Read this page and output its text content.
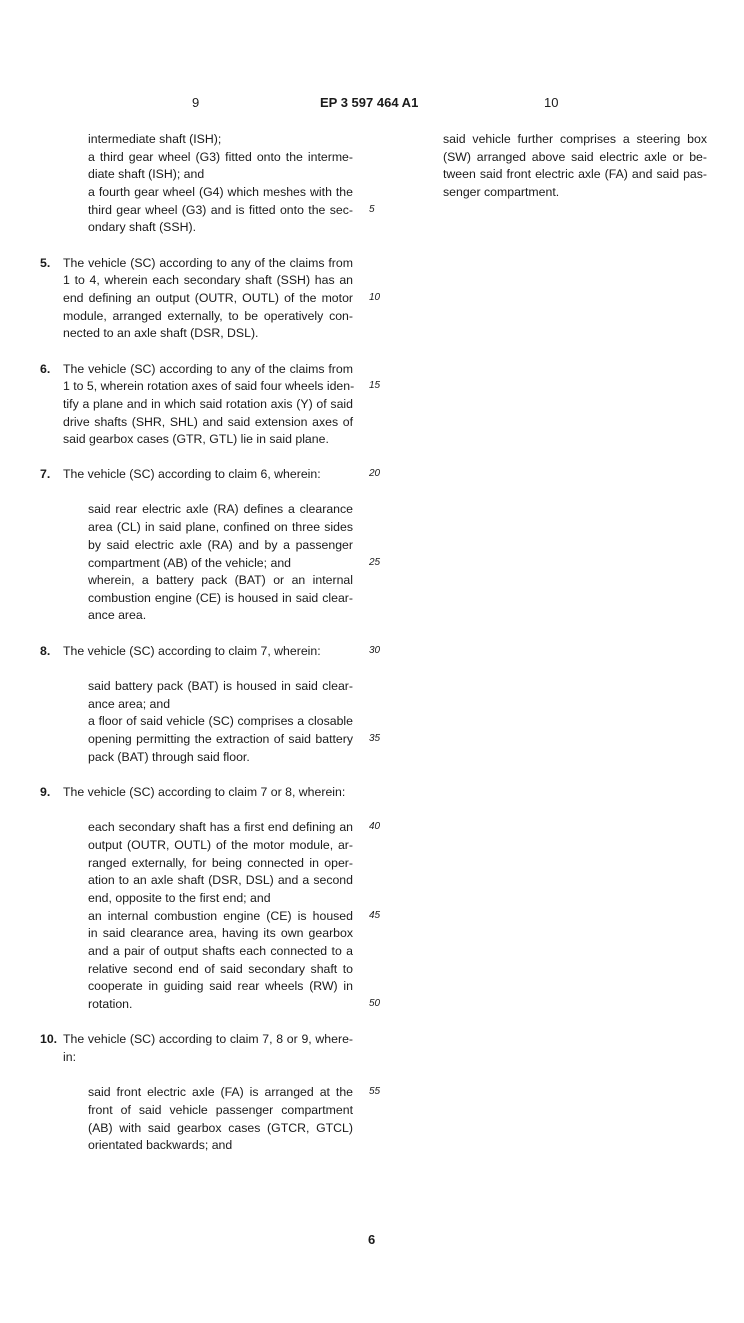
9	EP 3 597 464 A1	10
intermediate shaft (ISH);
a third gear wheel (G3) fitted onto the interme-
diate shaft (ISH); and
a fourth gear wheel (G4) which meshes with the
third gear wheel (G3) and is fitted onto the sec-
ondary shaft (SSH).
5. The vehicle (SC) according to any of the claims from
1 to 4, wherein each secondary shaft (SSH) has an
end defining an output (OUTR, OUTL) of the motor
module, arranged externally, to be operatively con-
nected to an axle shaft (DSR, DSL).
6. The vehicle (SC) according to any of the claims from
1 to 5, wherein rotation axes of said four wheels iden-
tify a plane and in which said rotation axis (Y) of said
drive shafts (SHR, SHL) and said extension axes of
said gearbox cases (GTR, GTL) lie in said plane.
7. The vehicle (SC) according to claim 6, wherein:
said rear electric axle (RA) defines a clearance
area (CL) in said plane, confined on three sides
by said electric axle (RA) and by a passenger
compartment (AB) of the vehicle; and
wherein, a battery pack (BAT) or an internal
combustion engine (CE) is housed in said clear-
ance area.
8. The vehicle (SC) according to claim 7, wherein:
said battery pack (BAT) is housed in said clear-
ance area; and
a floor of said vehicle (SC) comprises a closable
opening permitting the extraction of said battery
pack (BAT) through said floor.
9. The vehicle (SC) according to claim 7 or 8, wherein:
each secondary shaft has a first end defining an
output (OUTR, OUTL) of the motor module, ar-
ranged externally, for being connected in oper-
ation to an axle shaft (DSR, DSL) and a second
end, opposite to the first end; and
an internal combustion engine (CE) is housed
in said clearance area, having its own gearbox
and a pair of output shafts each connected to a
relative second end of said secondary shaft to
cooperate in guiding said rear wheels (RW) in
rotation.
10. The vehicle (SC) according to claim 7, 8 or 9, where-
in:
said front electric axle (FA) is arranged at the
front of said vehicle passenger compartment
(AB) with said gearbox cases (GTCR, GTCL)
orientated backwards; and
said vehicle further comprises a steering box
(SW) arranged above said electric axle or be-
tween said front electric axle (FA) and said pas-
senger compartment.
5
10
15
20
25
30
35
40
45
50
55
6
